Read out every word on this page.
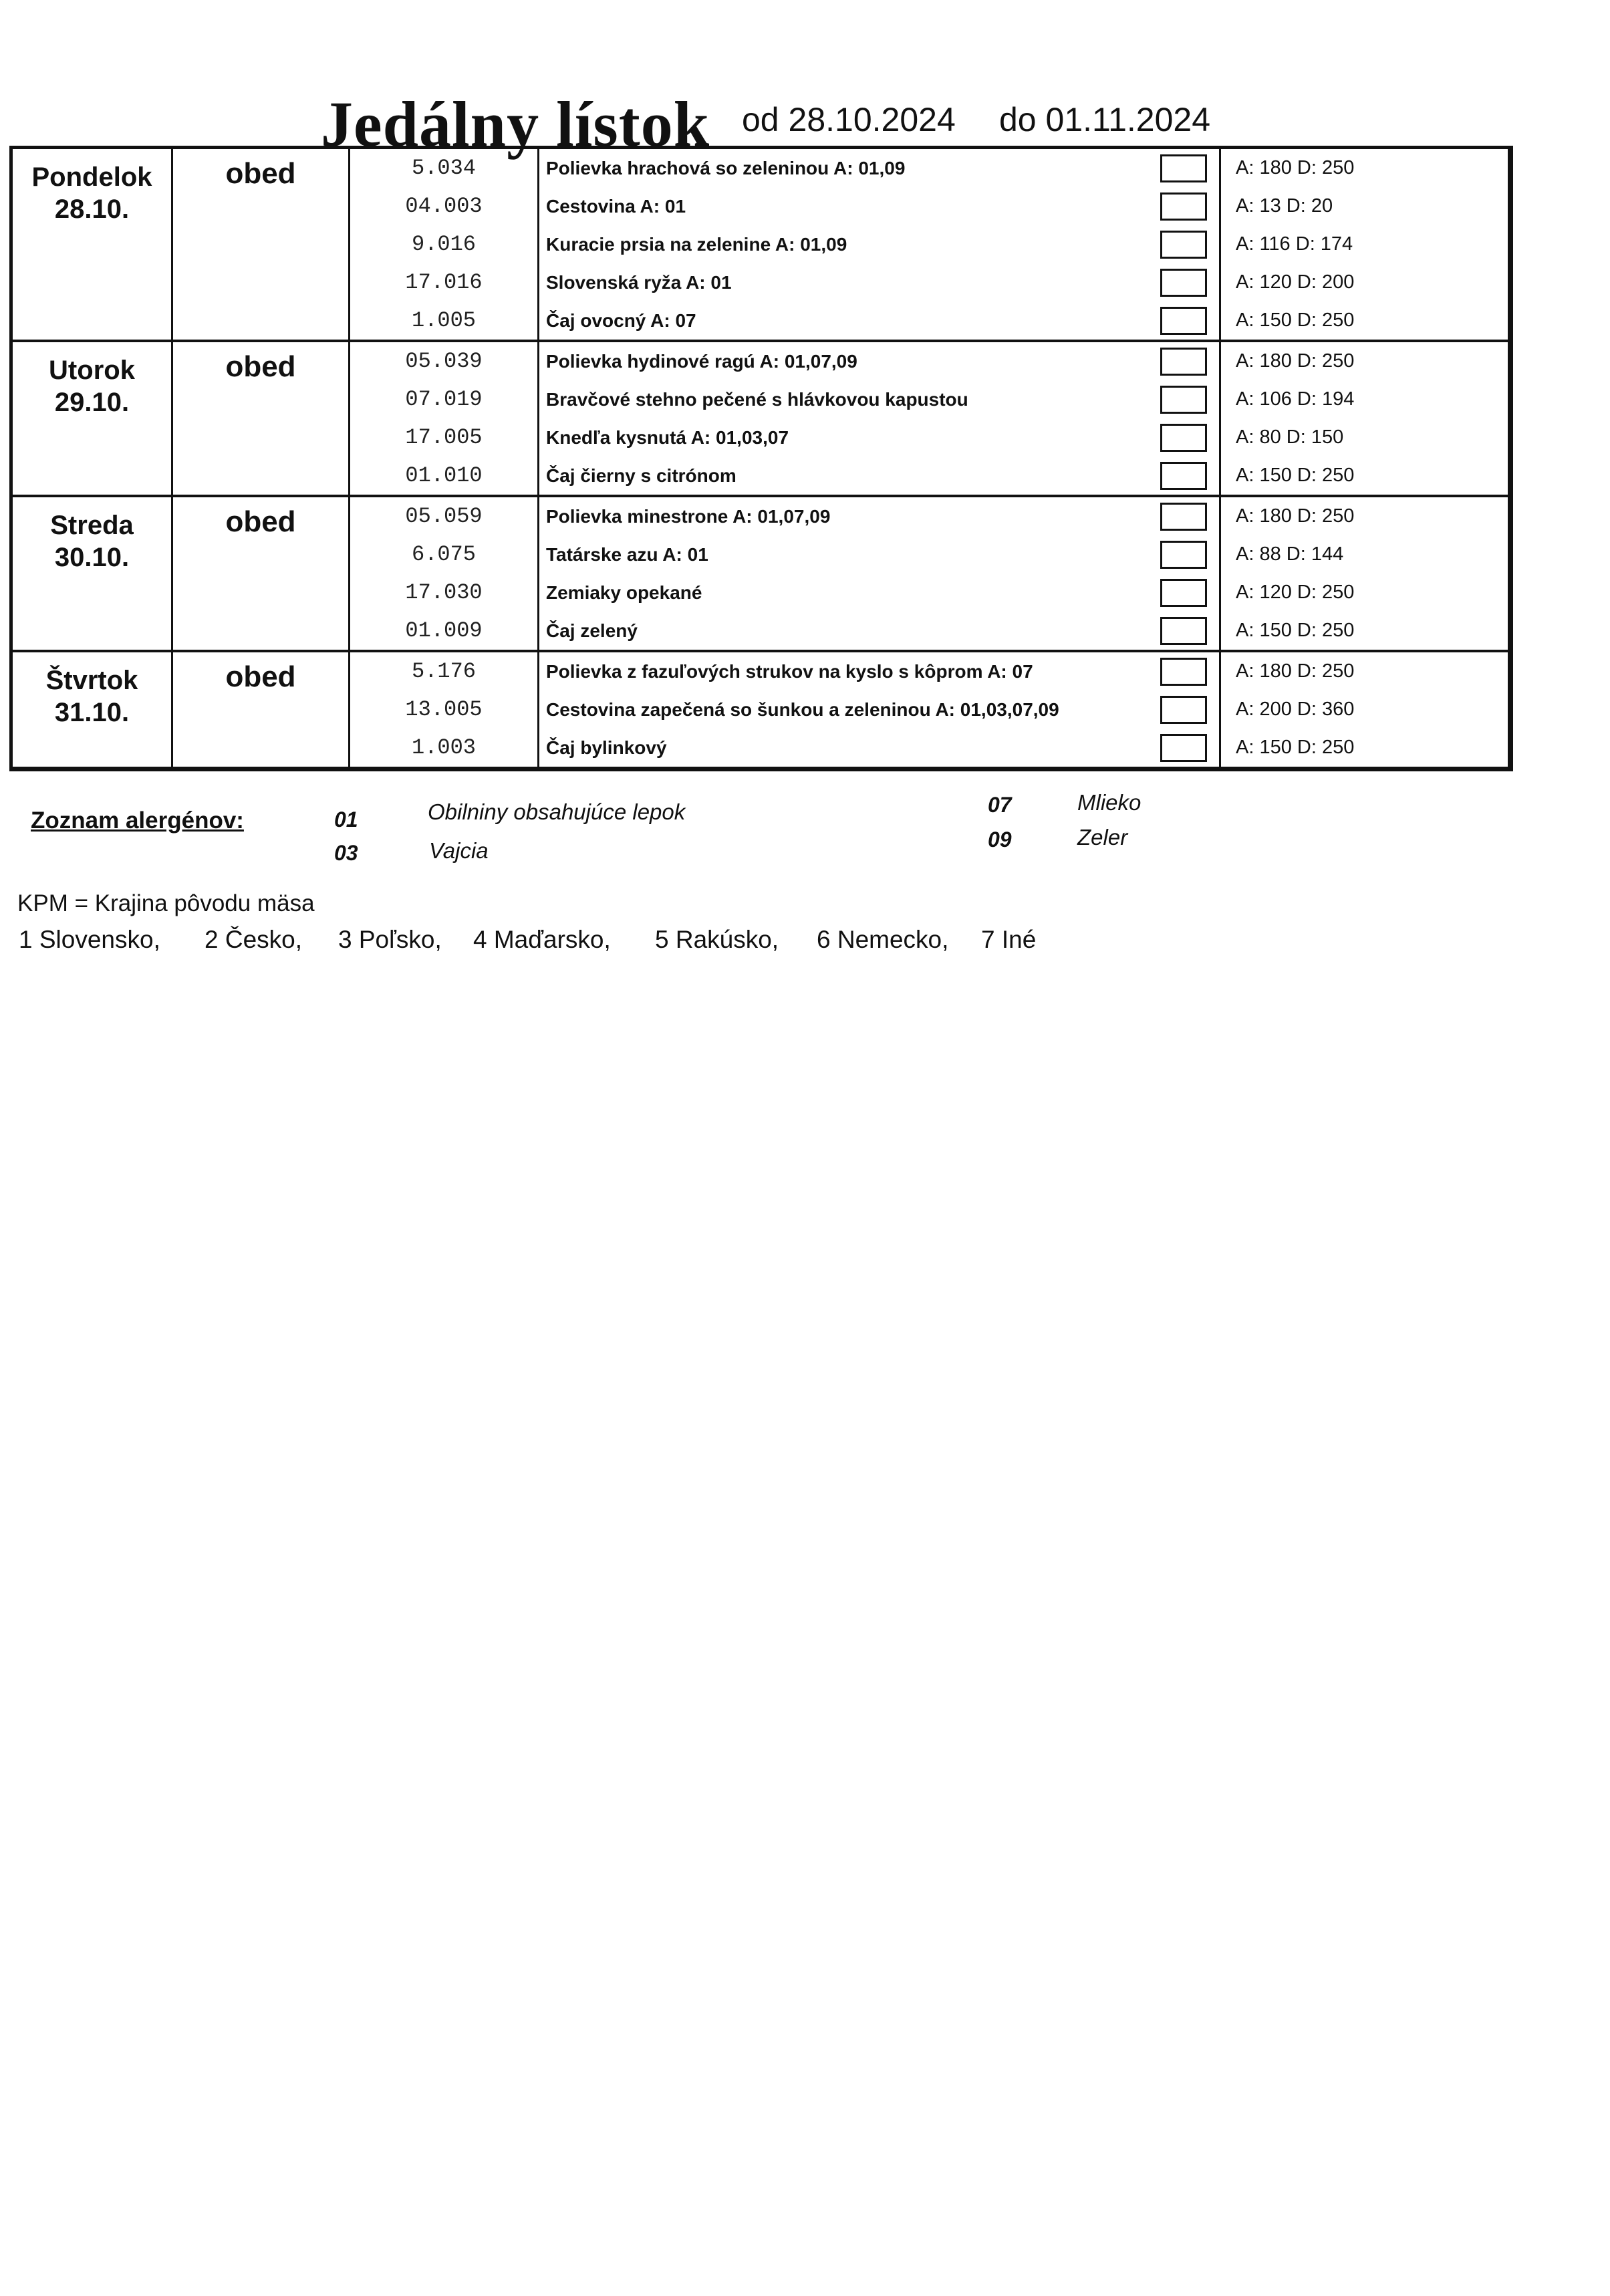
Jedálny lístok od 28.10.2024 do 01.11.2024
Pondelok
28.10.
obed	5.034	Polievka hrachová so zeleninou A: 01,09	A: 180 D: 250
04.003	Cestovina A: 01	A: 13 D: 20
9.016	Kuracie prsia na zelenine A: 01,09	A: 116 D: 174
17.016	Slovenská ryža A: 01	A: 120 D: 200
1.005	Čaj ovocný A: 07	A: 150 D: 250
Utorok
29.10.
obed	05.039	Polievka hydinové ragú A: 01,07,09	A: 180 D: 250
07.019	Bravčové stehno pečené s hlávkovou kapustou	A: 106 D: 194
17.005	Knedľa kysnutá A: 01,03,07	A: 80 D: 150
01.010	Čaj čierny s citrónom	A: 150 D: 250
Streda
30.10.
obed	05.059	Polievka minestrone A: 01,07,09	A: 180 D: 250
6.075	Tatárske azu A: 01	A: 88 D: 144
17.030	Zemiaky opekané	A: 120 D: 250
01.009	Čaj zelený	A: 150 D: 250
Štvrtok
31.10.
obed	5.176	Polievka z fazuľových strukov na kyslo s kôprom A: 07	A: 180 D: 250
13.005	Cestovina zapečená so šunkou a zeleninou A: 01,03,07,09	A: 200 D: 360
1.003	Čaj bylinkový	A: 150 D: 250
Zoznam alergénov:	01	Obilniny obsahujúce lepok
03	Vajcia
07	Mlieko
09	Zeler
KPM = Krajina pôvodu mäsa
1 Slovensko, 2 Česko, 3 Poľsko, 4 Maďarsko, 5 Rakúsko, 6 Nemecko, 7 Iné
